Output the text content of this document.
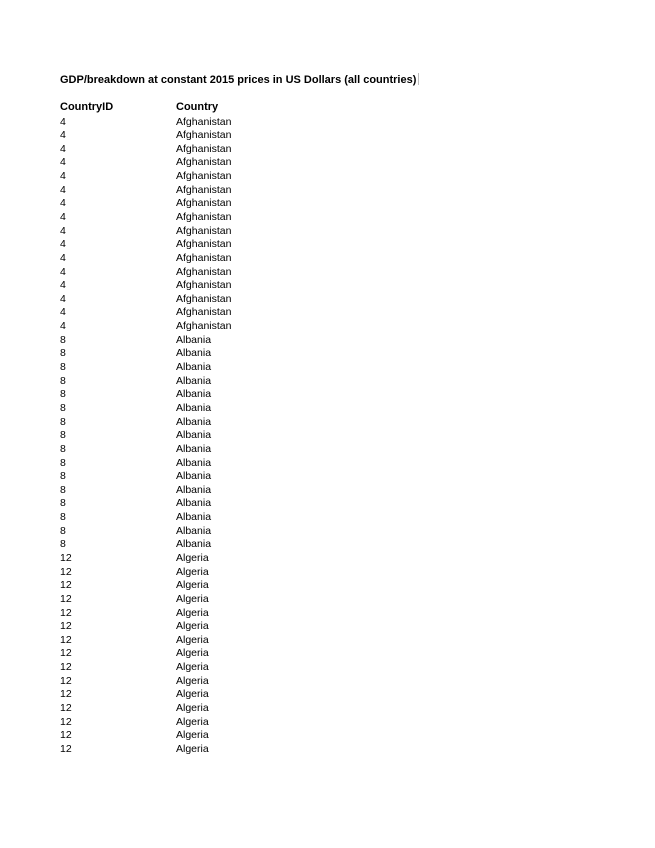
GDP/breakdown at constant 2015 prices in US Dollars (all countries)
CountryID	Country
4	Afghanistan
4	Afghanistan
4	Afghanistan
4	Afghanistan
4	Afghanistan
4	Afghanistan
4	Afghanistan
4	Afghanistan
4	Afghanistan
4	Afghanistan
4	Afghanistan
4	Afghanistan
4	Afghanistan
4	Afghanistan
4	Afghanistan
4	Afghanistan
8	Albania
8	Albania
8	Albania
8	Albania
8	Albania
8	Albania
8	Albania
8	Albania
8	Albania
8	Albania
8	Albania
8	Albania
8	Albania
8	Albania
8	Albania
8	Albania
12	Algeria
12	Algeria
12	Algeria
12	Algeria
12	Algeria
12	Algeria
12	Algeria
12	Algeria
12	Algeria
12	Algeria
12	Algeria
12	Algeria
12	Algeria
12	Algeria
12	Algeria
